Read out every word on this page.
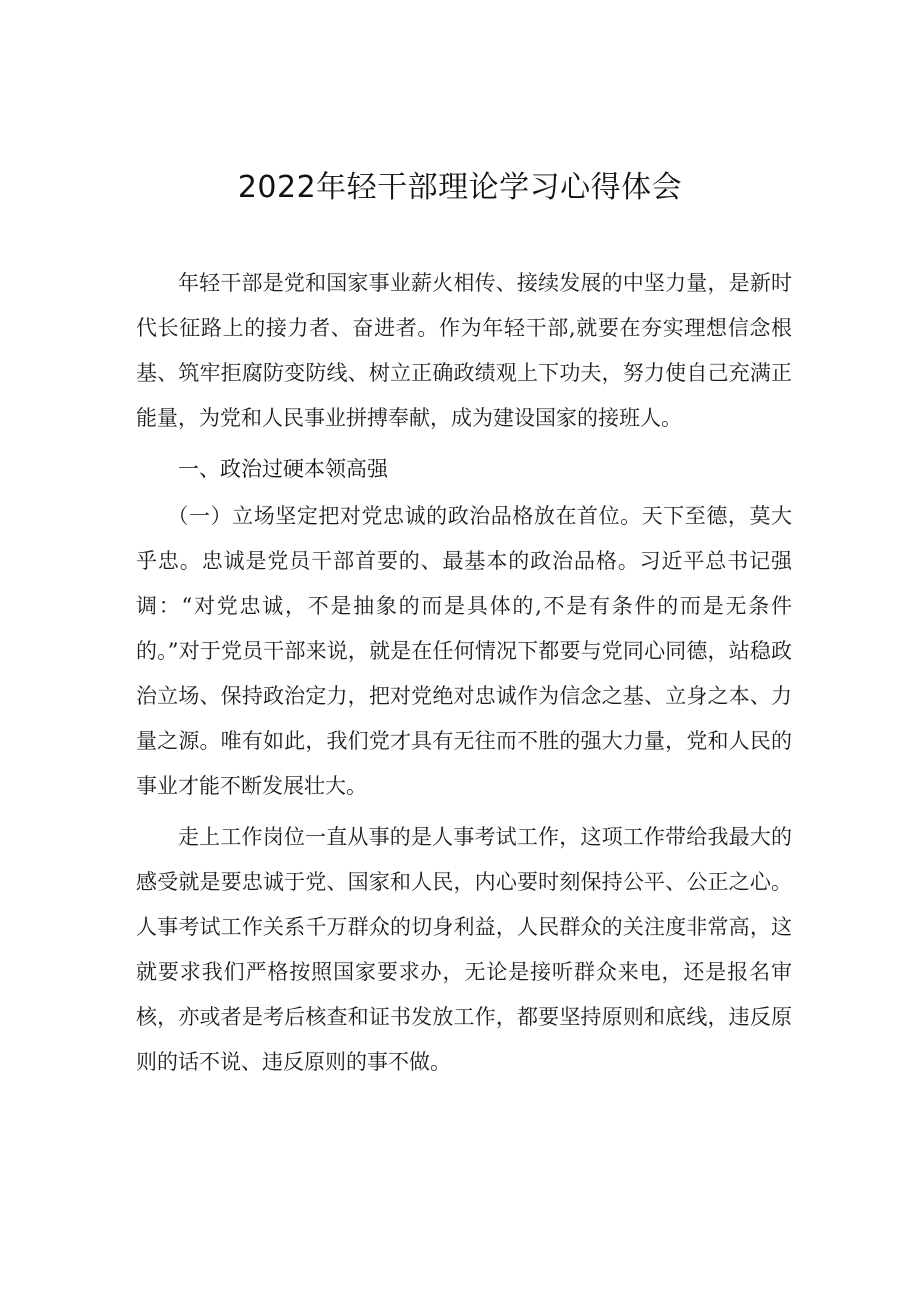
2022年轻干部理论学习心得体会

年轻干部是党和国家事业薪火相传、接续发展的中坚力量，是新时代长征路上的接力者、奋进者。作为年轻干部,就要在夯实理想信念根基、筑牢拒腐防变防线、树立正确政绩观上下功夫，努力使自己充满正能量，为党和人民事业拼搏奉献，成为建设国家的接班人。

一、政治过硬本领高强

（一）立场坚定把对党忠诚的政治品格放在首位。天下至德，莫大乎忠。忠诚是党员干部首要的、最基本的政治品格。习近平总书记强调：“对党忠诚，不是抽象的而是具体的,不是有条件的而是无条件的。”对于党员干部来说，就是在任何情况下都要与党同心同德，站稳政治立场、保持政治定力，把对党绝对忠诚作为信念之基、立身之本、力量之源。唯有如此，我们党才具有无往而不胜的强大力量，党和人民的事业才能不断发展壮大。

走上工作岗位一直从事的是人事考试工作，这项工作带给我最大的感受就是要忠诚于党、国家和人民，内心要时刻保持公平、公正之心。人事考试工作关系千万群众的切身利益，人民群众的关注度非常高，这就要求我们严格按照国家要求办，无论是接听群众来电，还是报名审核，亦或者是考后核查和证书发放工作，都要坚持原则和底线，违反原则的话不说、违反原则的事不做。
